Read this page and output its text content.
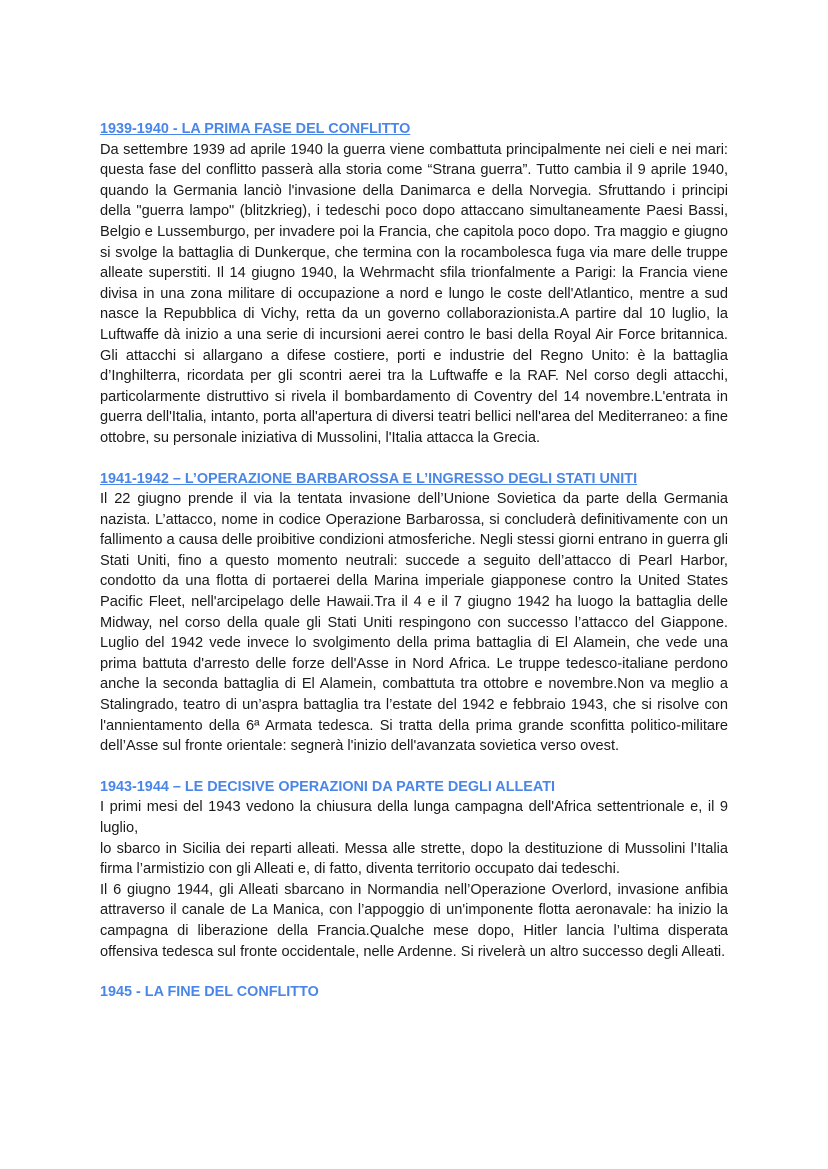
1939-1940 - LA PRIMA FASE DEL CONFLITTO

Da settembre 1939 ad aprile 1940 la guerra viene combattuta principalmente nei cieli e nei mari: questa fase del conflitto passerà alla storia come “Strana guerra”. Tutto cambia il 9 aprile 1940, quando la Germania lanciò l'invasione della Danimarca e della Norvegia. Sfruttando i principi della "guerra lampo" (blitzkrieg), i tedeschi poco dopo attaccano simultaneamente Paesi Bassi, Belgio e Lussemburgo, per invadere poi la Francia, che capitola poco dopo. Tra maggio e giugno si svolge la battaglia di Dunkerque, che termina con la rocambolesca fuga via mare delle truppe alleate superstiti. Il 14 giugno 1940, la Wehrmacht sfila trionfalmente a Parigi: la Francia viene divisa in una zona militare di occupazione a nord e lungo le coste dell'Atlantico, mentre a sud nasce la Repubblica di Vichy, retta da un governo collaborazionista.A partire dal 10 luglio, la Luftwaffe dà inizio a una serie di incursioni aerei contro le basi della Royal Air Force britannica. Gli attacchi si allargano a difese costiere, porti e industrie del Regno Unito: è la battaglia d’Inghilterra, ricordata per gli scontri aerei tra la Luftwaffe e la RAF. Nel corso degli attacchi, particolarmente distruttivo si rivela il bombardamento di Coventry del 14 novembre.L'entrata in guerra dell'Italia, intanto, porta all'apertura di diversi teatri bellici nell'area del Mediterraneo: a fine ottobre, su personale iniziativa di Mussolini, l'Italia attacca la Grecia.

1941-1942 – L’OPERAZIONE BARBAROSSA E L’INGRESSO DEGLI STATI UNITI

Il 22 giugno prende il via la tentata invasione dell’Unione Sovietica da parte della Germania nazista. L’attacco, nome in codice Operazione Barbarossa, si concluderà definitivamente con un fallimento a causa delle proibitive condizioni atmosferiche. Negli stessi giorni entrano in guerra gli Stati Uniti, fino a questo momento neutrali: succede a seguito dell’attacco di Pearl Harbor, condotto da una flotta di portaerei della Marina imperiale giapponese contro la United States Pacific Fleet, nell'arcipelago delle Hawaii.Tra il 4 e il 7 giugno 1942 ha luogo la battaglia delle Midway, nel corso della quale gli Stati Uniti respingono con successo l’attacco del Giappone. Luglio del 1942 vede invece lo svolgimento della prima battaglia di El Alamein, che vede una prima battuta d'arresto delle forze dell'Asse in Nord Africa. Le truppe tedesco-italiane perdono anche la seconda battaglia di El Alamein, combattuta tra ottobre e novembre.Non va meglio a Stalingrado, teatro di un’aspra battaglia tra l’estate del 1942 e febbraio 1943, che si risolve con l'annientamento della 6ª Armata tedesca. Si tratta della prima grande sconfitta politico-militare dell’Asse sul fronte orientale: segnerà l'inizio dell'avanzata sovietica verso ovest.

1943-1944 – LE DECISIVE OPERAZIONI DA PARTE DEGLI ALLEATI

I primi mesi del 1943 vedono la chiusura della lunga campagna dell'Africa settentrionale e, il 9 luglio,

lo sbarco in Sicilia dei reparti alleati. Messa alle strette, dopo la destituzione di Mussolini l’Italia firma l’armistizio con gli Alleati e, di fatto, diventa territorio occupato dai tedeschi.

Il 6 giugno 1944, gli Alleati sbarcano in Normandia nell’Operazione Overlord, invasione anfibia attraverso il canale de La Manica, con l’appoggio di un'imponente flotta aeronavale: ha inizio la campagna di liberazione della Francia.Qualche mese dopo, Hitler lancia l’ultima disperata offensiva tedesca sul fronte occidentale, nelle Ardenne. Si rivelerà un altro successo degli Alleati.

1945 - LA FINE DEL CONFLITTO
